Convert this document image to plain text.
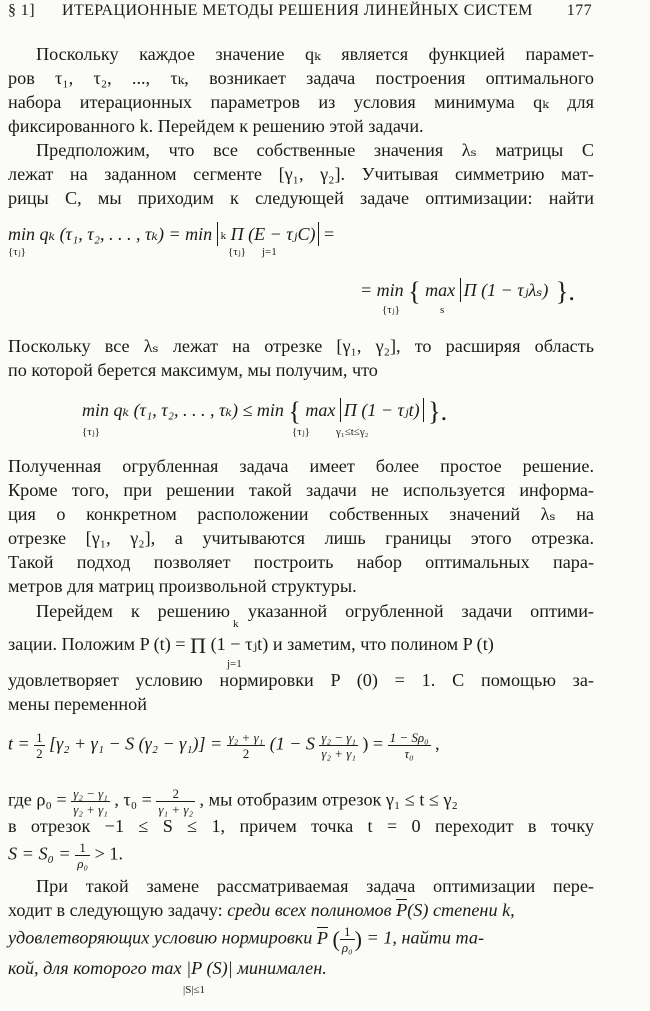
§ 1] ИТЕРАЦИОННЫЕ МЕТОДЫ РЕШЕНИЯ ЛИНЕЙНЫХ СИСТЕМ 177
Поскольку каждое значение qₖ является функцией парамет-
ров τ₁, τ₂, ..., τₖ, возникает задача построения оптимального
набора итерационных параметров из условия минимума qₖ для
фиксированного k. Перейдем к решению этой задачи.
Предположим, что все собственные значения λₛ матрицы C
лежат на заданном сегменте [γ₁, γ₂]. Учитывая симметрию мат-
рицы C, мы приходим к следующей задаче оптимизации: найти
min qₖ (τ₁, τ₂, . . . , τₖ) = min k Π (E − τⱼC) =
{τⱼ}	{τⱼ} j=1
= min { max Π (1 − τⱼλₛ) }.
{τⱼ}	s
Поскольку все λₛ лежат на отрезке [γ₁, γ₂], то расширяя область
по которой берется максимум, мы получим, что
min qₖ (τ₁, τ₂, . . . , τₖ) ≤ min { max Π (1 − τⱼt) }.
{τⱼ}	{τⱼ} γ₁≤t≤γ₂
Полученная огрубленная задача имеет более простое решение.
Кроме того, при решении такой задачи не используется информа-
ция о конкретном расположении собственных значений λₛ на
отрезке [γ₁, γ₂], а учитываются лишь границы этого отрезка.
Такой подход позволяет построить набор оптимальных пара-
метров для матриц произвольной структуры.
Перейдем к решению указанной огрубленной задачи оптими-
зации. Положим P (t) = Π (1 − τⱼt) и заметим, что полином P (t)
k
j=1
удовлетворяет условию нормировки P (0) = 1. С помощью за-
мены переменной
$t = \frac{1}{2} [\gamma_2 + \gamma_1 - S$ $(\gamma_2 - \gamma_1)] = \frac{\text{γ₂ + γ₁}}{2} (1 - S \frac{\text{γ₂ − γ₁}}{\text{γ₂ + γ₁}}$ ) = $\frac{\text{1 − Sρ₀}}{\text{τ₀}}$ ,
где $\rho_0 = \frac{\text{γ₂ − γ₁}}{\text{γ₂ + γ₁}}$ , $\tau_0 = \frac{2}{\text{γ₁ + γ₂}}$ , мы отобразим отрезок γ₁ ≤ t ≤ γ₂
в отрезок −1 ≤ S ≤ 1, причем точка t = 0 переходит в точку
$S = S_0 = \frac{1}{\text{ρ₀}} > 1$.
При такой замене рассматриваемая задача оптимизации пере-
ходит в следующую задачу: среди всех полиномов P(S) степени k,
удовлетворяющих условию нормировки P ( $\frac{1}{\text{ρ₀}}$ ) = 1, найти та-
кой, для которого max |P (S)| минимален.
|S|≤1
